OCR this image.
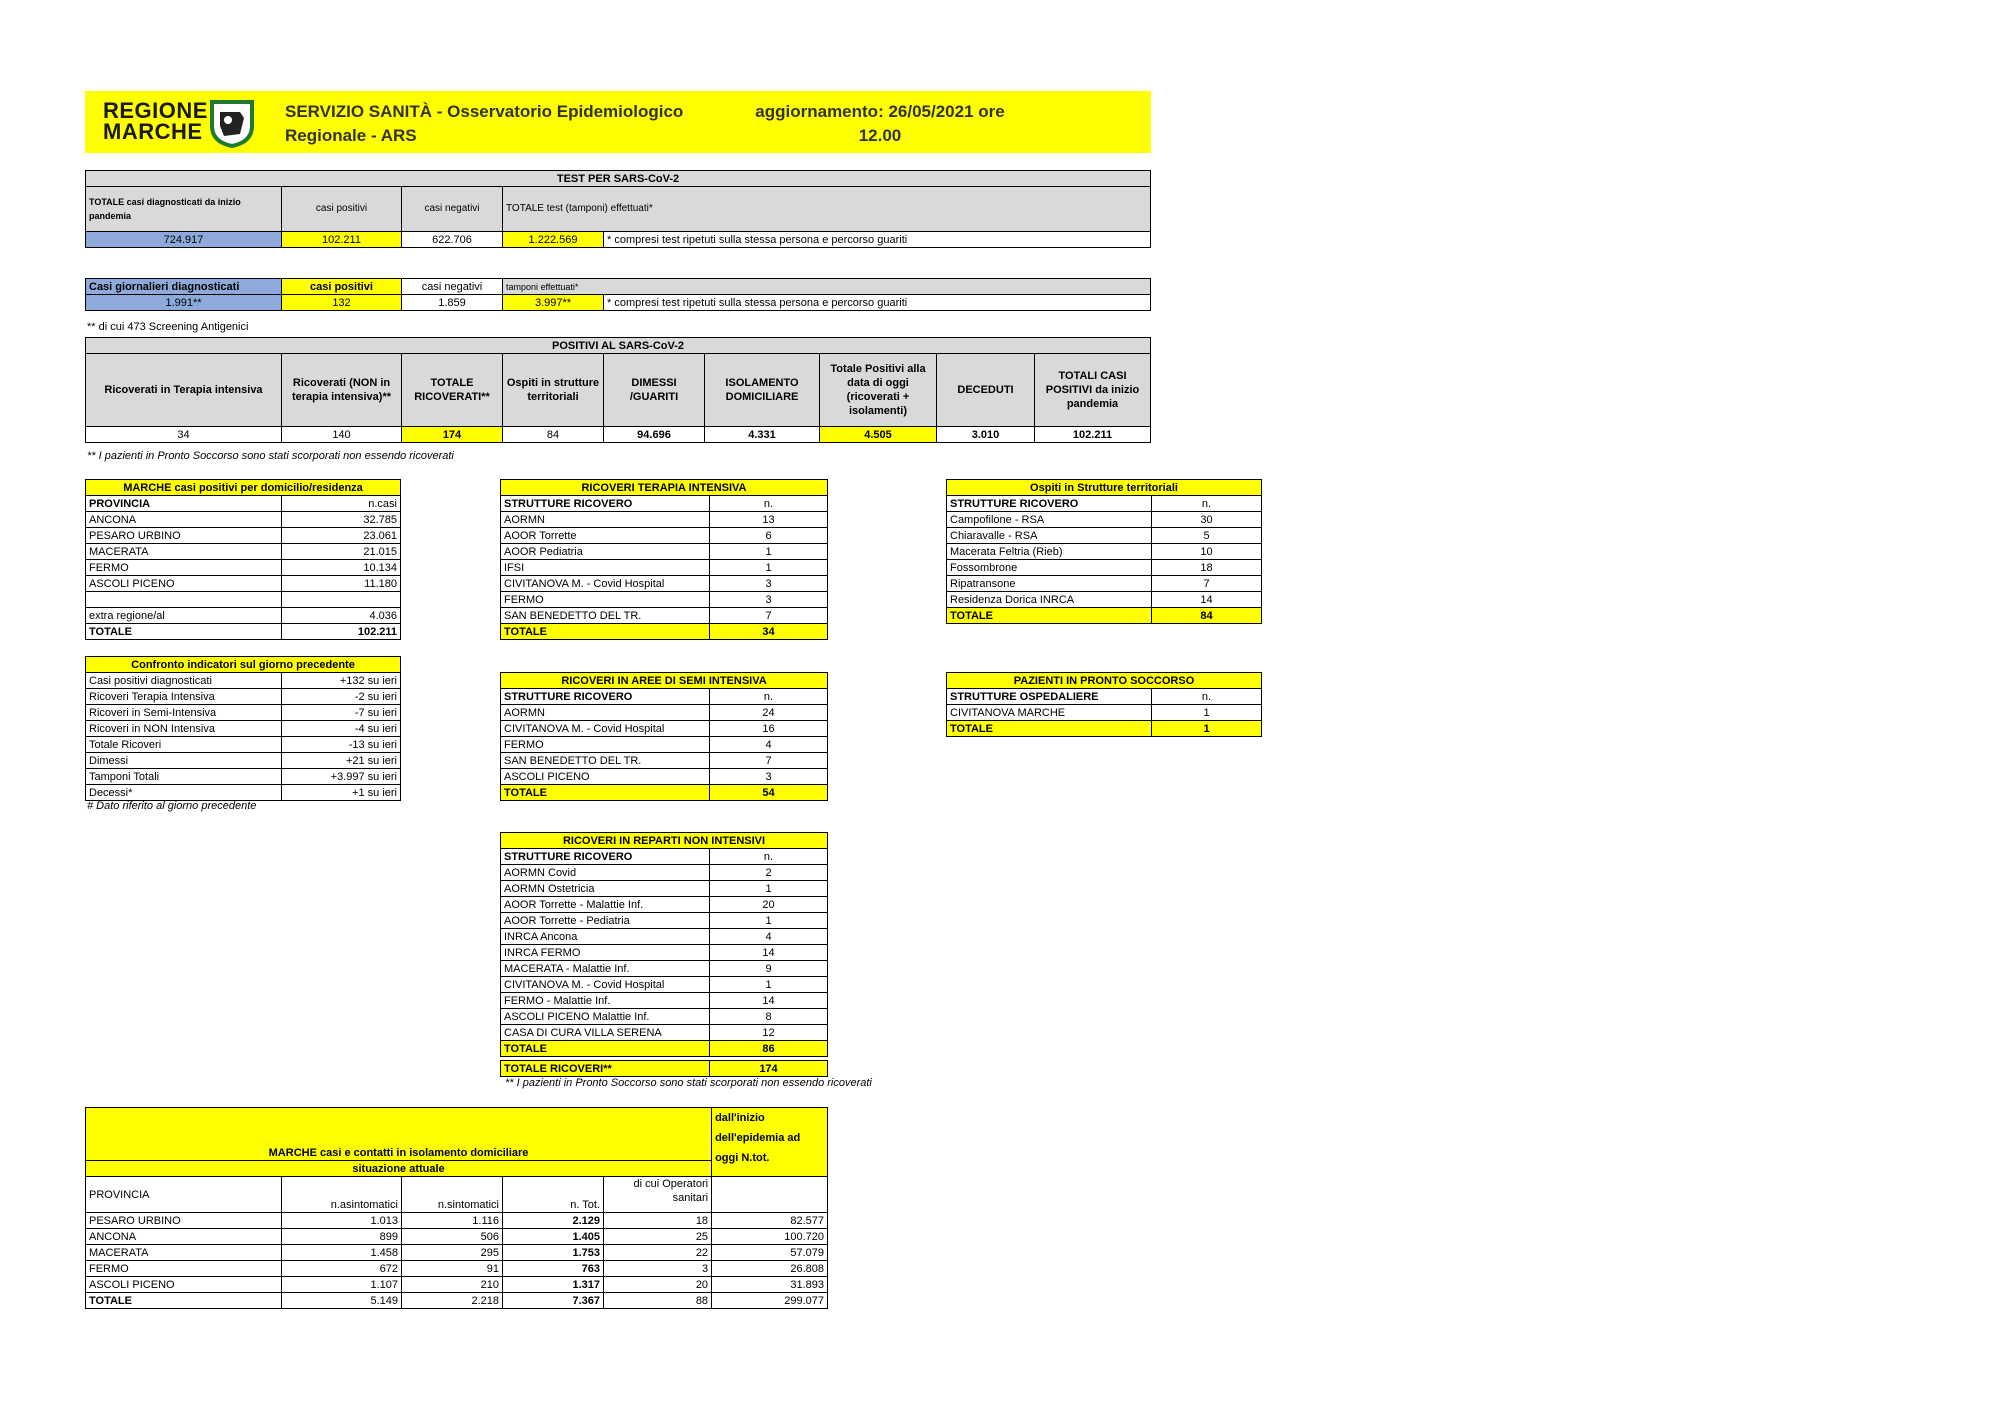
REGIONE
MARCHE
SERVIZIO SANITÀ - Osservatorio Epidemiologico
Regionale - ARS
aggiornamento: 26/05/2021 ore
12.00
TEST PER SARS-CoV-2				
TOTALE casi diagnosticati da inizio pandemia	casi positivi	casi negativi	TOTALE test (tamponi) effettuati*	
724.917	102.211	622.706	1.222.569	* compresi test ripetuti sulla stessa persona e percorso guariti
Casi giornalieri diagnosticati	casi positivi	casi negativi	tamponi effettuati*	
1.991**	132	1.859	3.997**	* compresi test ripetuti sulla stessa persona e percorso guariti
** di cui 473 Screening Antigenici
POSITIVI AL SARS-CoV-2								
Ricoverati in Terapia intensiva	Ricoverati (NON in terapia intensiva)**	TOTALE RICOVERATI**	Ospiti in strutture territoriali	DIMESSI /GUARITI	ISOLAMENTO DOMICILIARE	Totale Positivi alla data di oggi (ricoverati + isolamenti)	DECEDUTI	TOTALI CASI POSITIVI da inizio pandemia
34	140	174	84	94.696	4.331	4.505	3.010	102.211
** I pazienti in Pronto Soccorso sono stati scorporati non essendo ricoverati
MARCHE casi positivi per domicilio/residenza	
PROVINCIA	n.casi
ANCONA	32.785
PESARO URBINO	23.061
MACERATA	21.015
FERMO	10.134
ASCOLI PICENO	11.180

extra regione/al	4.036
TOTALE	102.211
Confronto indicatori sul giorno precedente	
Casi positivi diagnosticati	+132 su ieri
Ricoveri Terapia Intensiva	-2 su ieri
Ricoveri in Semi-Intensiva	-7 su ieri
Ricoveri in NON Intensiva	-4 su ieri
Totale Ricoveri	-13 su ieri
Dimessi	+21 su ieri
Tamponi Totali	+3.997 su ieri
Decessi*	+1 su ieri
# Dato riferito al giorno precedente
RICOVERI TERAPIA INTENSIVA	
STRUTTURE RICOVERO	n.
AORMN	13
AOOR Torrette	6
AOOR Pediatria	1
IFSI	1
CIVITANOVA M. - Covid Hospital	3
FERMO	3
SAN BENEDETTO DEL TR.	7
TOTALE	34
RICOVERI IN AREE DI SEMI INTENSIVA	
STRUTTURE RICOVERO	n.
AORMN	24
CIVITANOVA M. - Covid Hospital	16
FERMO	4
SAN BENEDETTO DEL TR.	7
ASCOLI PICENO	3
TOTALE	54
RICOVERI IN REPARTI NON INTENSIVI	
STRUTTURE RICOVERO	n.
AORMN Covid	2
AORMN Ostetricia	1
AOOR Torrette - Malattie Inf.	20
AOOR Torrette - Pediatria	1
INRCA Ancona	4
INRCA FERMO	14
MACERATA - Malattie Inf.	9
CIVITANOVA M. - Covid Hospital	1
FERMO - Malattie Inf.	14
ASCOLI PICENO Malattie Inf.	8
CASA DI CURA VILLA SERENA	12
TOTALE	86
TOTALE RICOVERI**	174
** I pazienti in Pronto Soccorso sono stati scorporati non essendo ricoverati
Ospiti in Strutture territoriali	
STRUTTURE RICOVERO	n.
Campofilone - RSA	30
Chiaravalle - RSA	5
Macerata Feltria (Rieb)	10
Fossombrone	18
Ripatransone	7
Residenza Dorica INRCA	14
TOTALE	84
PAZIENTI IN PRONTO SOCCORSO	
STRUTTURE OSPEDALIERE	n.
CIVITANOVA MARCHE	1
TOTALE	1
MARCHE casi e contatti in isolamento domiciliare					dall'inizio dell'epidemia ad oggi N.tot.
situazione attuale					
PROVINCIA	n.asintomatici	n.sintomatici	n. Tot.	di cui Operatori sanitari	
PESARO URBINO	1.013	1.116	2.129	18	82.577
ANCONA	899	506	1.405	25	100.720
MACERATA	1.458	295	1.753	22	57.079
FERMO	672	91	763	3	26.808
ASCOLI PICENO	1.107	210	1.317	20	31.893
TOTALE	5.149	2.218	7.367	88	299.077
